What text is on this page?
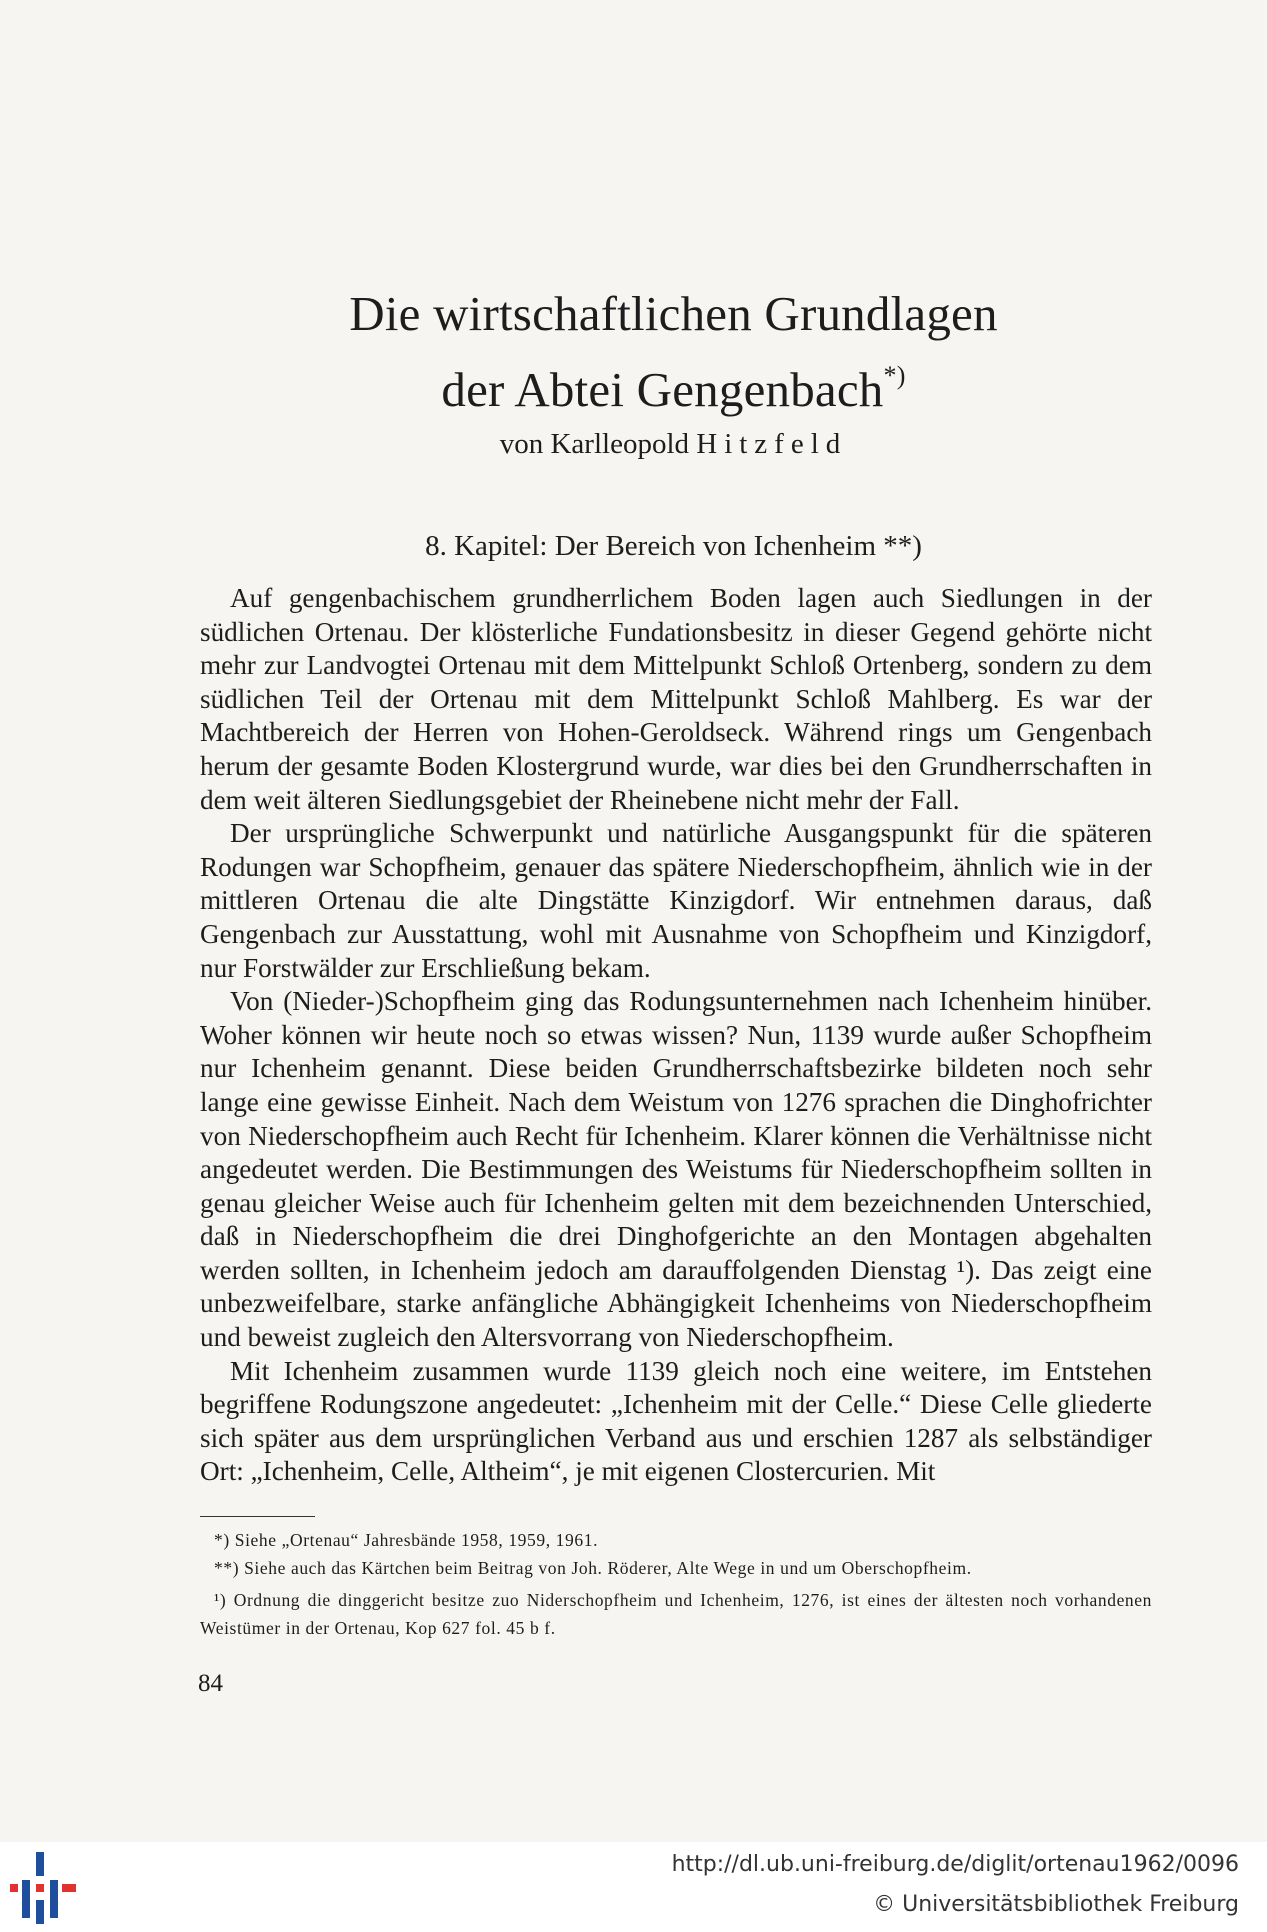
Die wirtschaftlichen Grundlagen
der Abtei Gengenbach*)
von Karlleopold Hitzfeld
8. Kapitel: Der Bereich von Ichenheim **)

Auf gengenbachischem grundherrlichem Boden lagen auch Siedlungen in der südlichen Ortenau. Der klösterliche Fundationsbesitz in dieser Gegend gehörte nicht mehr zur Landvogtei Ortenau mit dem Mittelpunkt Schloß Ortenberg, sondern zu dem südlichen Teil der Ortenau mit dem Mittelpunkt Schloß Mahlberg. Es war der Machtbereich der Herren von Hohen-Geroldseck. Während rings um Gengenbach herum der gesamte Boden Klostergrund wurde, war dies bei den Grundherrschaften in dem weit älteren Siedlungsgebiet der Rheinebene nicht mehr der Fall.

Der ursprüngliche Schwerpunkt und natürliche Ausgangspunkt für die späteren Rodungen war Schopfheim, genauer das spätere Niederschopfheim, ähnlich wie in der mittleren Ortenau die alte Dingstätte Kinzigdorf. Wir entnehmen daraus, daß Gengenbach zur Ausstattung, wohl mit Ausnahme von Schopfheim und Kinzigdorf, nur Forstwälder zur Erschließung bekam.

Von (Nieder-)Schopfheim ging das Rodungsunternehmen nach Ichenheim hinüber. Woher können wir heute noch so etwas wissen? Nun, 1139 wurde außer Schopfheim nur Ichenheim genannt. Diese beiden Grundherrschaftsbezirke bildeten noch sehr lange eine gewisse Einheit. Nach dem Weistum von 1276 sprachen die Dinghofrichter von Niederschopfheim auch Recht für Ichenheim. Klarer können die Verhältnisse nicht angedeutet werden. Die Bestimmungen des Weistums für Niederschopfheim sollten in genau gleicher Weise auch für Ichenheim gelten mit dem bezeichnenden Unterschied, daß in Niederschopfheim die drei Dinghofgerichte an den Montagen abgehalten werden sollten, in Ichenheim jedoch am darauffolgenden Dienstag ¹). Das zeigt eine unbezweifelbare, starke anfängliche Abhängigkeit Ichenheims von Niederschopfheim und beweist zugleich den Altersvorrang von Niederschopfheim.

Mit Ichenheim zusammen wurde 1139 gleich noch eine weitere, im Entstehen begriffene Rodungszone angedeutet: „Ichenheim mit der Celle.“ Diese Celle gliederte sich später aus dem ursprünglichen Verband aus und erschien 1287 als selbständiger Ort: „Ichenheim, Celle, Altheim“, je mit eigenen Clostercurien. Mit

*) Siehe „Ortenau“ Jahresbände 1958, 1959, 1961.

**) Siehe auch das Kärtchen beim Beitrag von Joh. Röderer, Alte Wege in und um Oberschopfheim.

¹) Ordnung die dinggericht besitze zuo Niderschopfheim und Ichenheim, 1276, ist eines der ältesten noch vorhandenen Weistümer in der Ortenau, Kop 627 fol. 45 b f.

84
http://dl.ub.uni-freiburg.de/diglit/ortenau1962/0096
© Universitätsbibliothek Freiburg
